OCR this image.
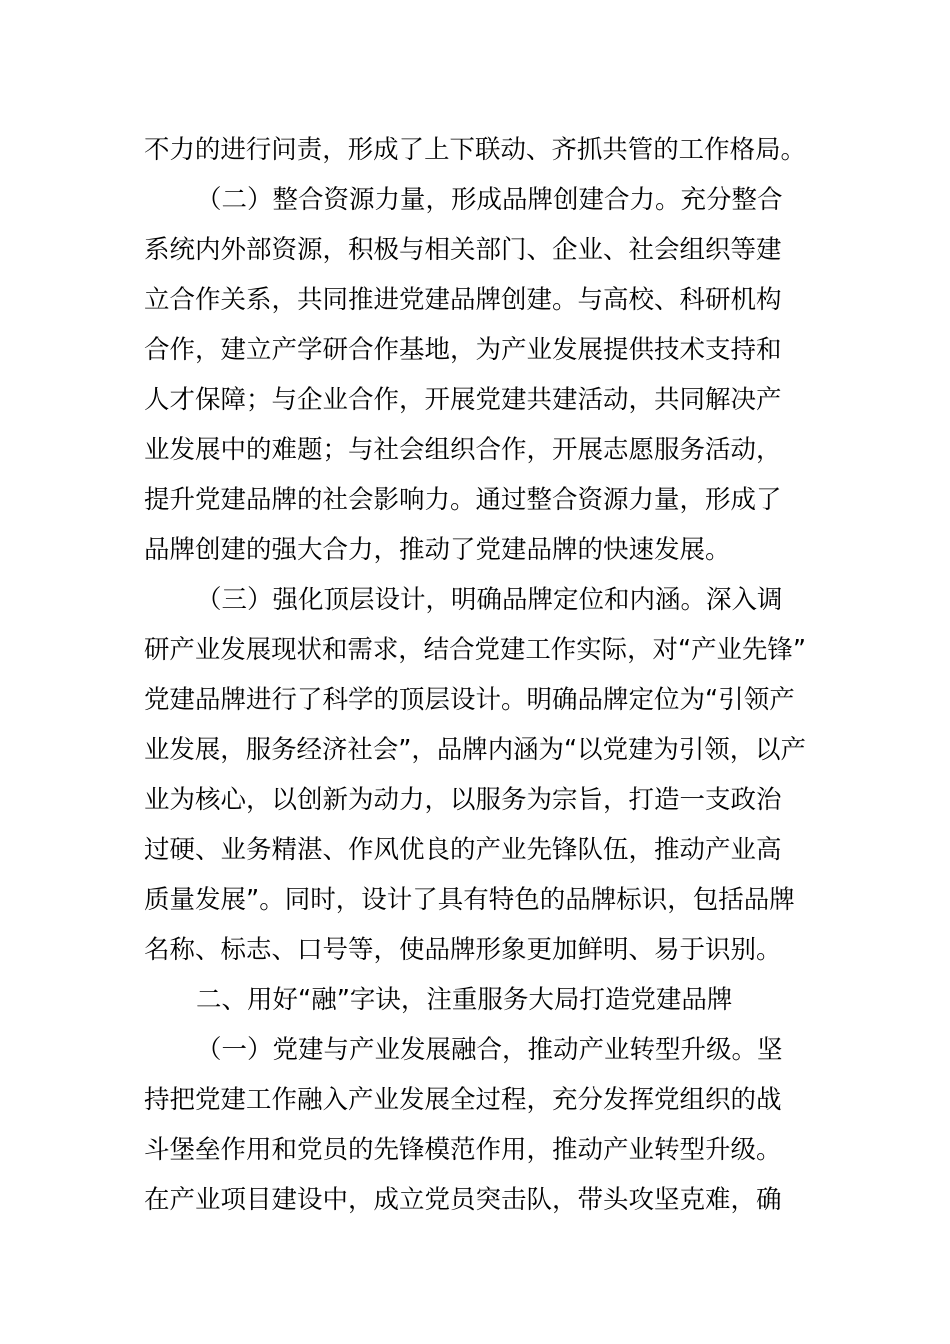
不力的进行问责，形成了上下联动、齐抓共管的工作格局。
（二）整合资源力量，形成品牌创建合力。充分整合
系统内外部资源，积极与相关部门、企业、社会组织等建
立合作关系，共同推进党建品牌创建。与高校、科研机构
合作，建立产学研合作基地，为产业发展提供技术支持和
人才保障；与企业合作，开展党建共建活动，共同解决产
业发展中的难题；与社会组织合作，开展志愿服务活动，
提升党建品牌的社会影响力。通过整合资源力量，形成了
品牌创建的强大合力，推动了党建品牌的快速发展。
（三）强化顶层设计，明确品牌定位和内涵。深入调
研产业发展现状和需求，结合党建工作实际，对“产业先锋”
党建品牌进行了科学的顶层设计。明确品牌定位为“引领产
业发展，服务经济社会”，品牌内涵为“以党建为引领，以产
业为核心，以创新为动力，以服务为宗旨，打造一支政治
过硬、业务精湛、作风优良的产业先锋队伍，推动产业高
质量发展”。同时，设计了具有特色的品牌标识，包括品牌
名称、标志、口号等，使品牌形象更加鲜明、易于识别。
二、用好“融”字诀，注重服务大局打造党建品牌
（一）党建与产业发展融合，推动产业转型升级。坚
持把党建工作融入产业发展全过程，充分发挥党组织的战
斗堡垒作用和党员的先锋模范作用，推动产业转型升级。
在产业项目建设中，成立党员突击队，带头攻坚克难，确
